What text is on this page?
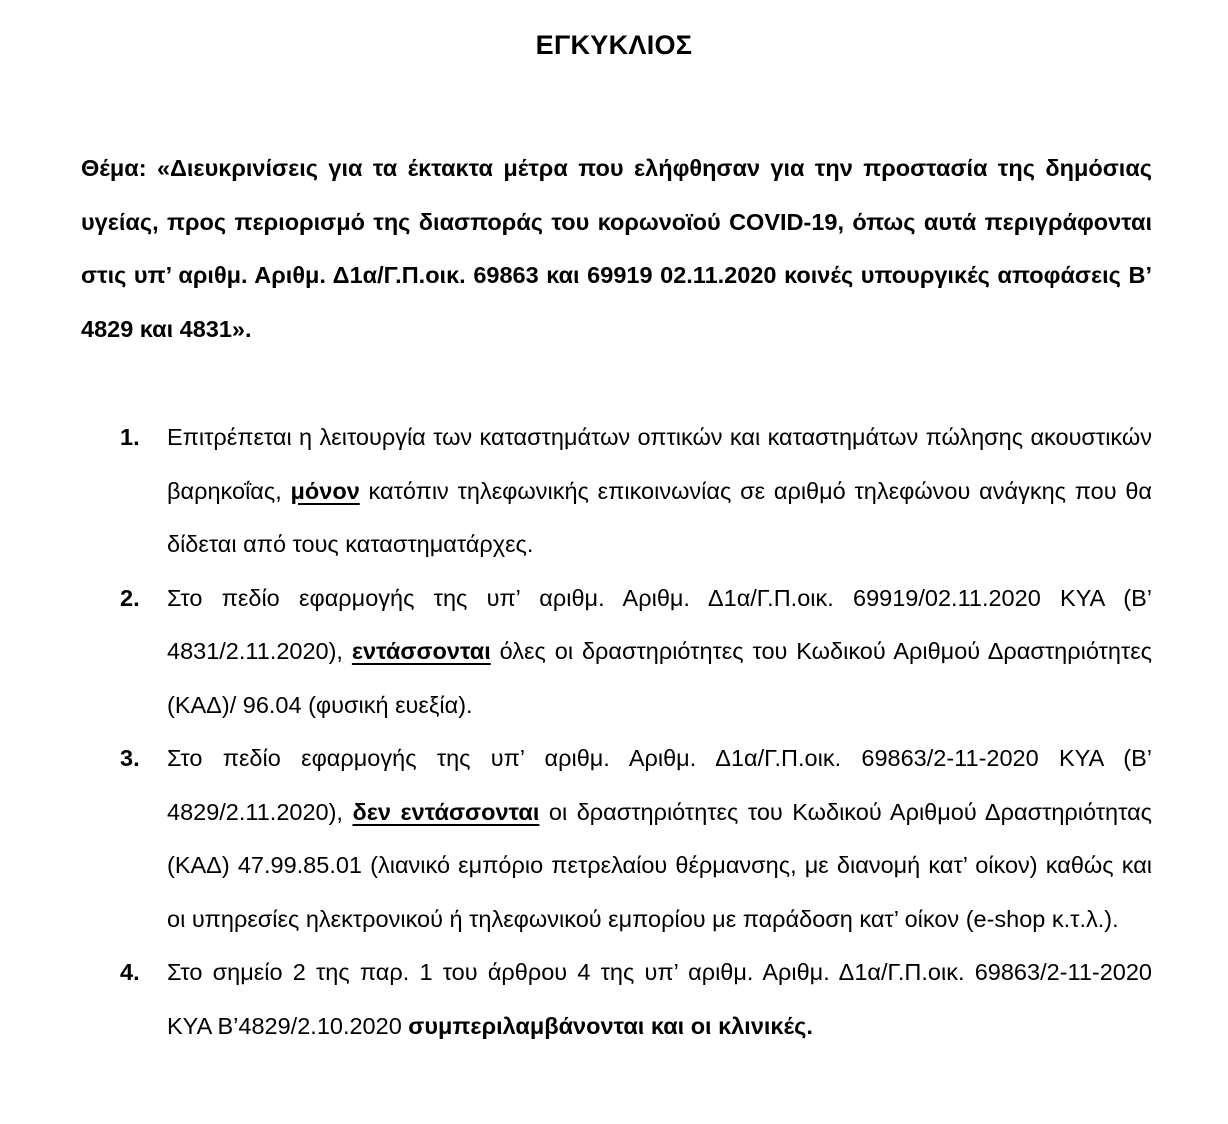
ΕΓΚΥΚΛΙΟΣ

Θέμα: «Διευκρινίσεις για τα έκτακτα μέτρα που ελήφθησαν για την προστασία της δημόσιας υγείας, προς περιορισμό της διασποράς του κορωνοϊού COVID-19, όπως αυτά περιγράφονται στις υπ’ αριθμ. Αριθμ. Δ1α/Γ.Π.οικ. 69863 και 69919 02.11.2020 κοινές υπουργικές αποφάσεις Β’ 4829 και 4831».

1. Επιτρέπεται η λειτουργία των καταστημάτων οπτικών και καταστημάτων πώλησης ακουστικών βαρηκοΐας, μόνον κατόπιν τηλεφωνικής επικοινωνίας σε αριθμό τηλεφώνου ανάγκης που θα δίδεται από τους καταστηματάρχες.
2. Στο πεδίο εφαρμογής της υπ’ αριθμ. Αριθμ. Δ1α/Γ.Π.οικ. 69919/02.11.2020 ΚΥΑ (Β’ 4831/2.11.2020), εντάσσονται όλες οι δραστηριότητες του Κωδικού Αριθμού Δραστηριότητες (ΚΑΔ)/ 96.04 (φυσική ευεξία).
3. Στο πεδίο εφαρμογής της υπ’ αριθμ. Αριθμ. Δ1α/Γ.Π.οικ. 69863/2-11-2020 ΚΥΑ (Β’ 4829/2.11.2020), δεν εντάσσονται οι δραστηριότητες του Κωδικού Αριθμού Δραστηριότητας (ΚΑΔ) 47.99.85.01 (λιανικό εμπόριο πετρελαίου θέρμανσης, με διανομή κατ’ οίκον) καθώς και οι υπηρεσίες ηλεκτρονικού ή τηλεφωνικού εμπορίου με παράδοση κατ’ οίκον (e-shop κ.τ.λ.).
4. Στο σημείο 2 της παρ. 1 του άρθρου 4 της υπ’ αριθμ. Αριθμ. Δ1α/Γ.Π.οικ. 69863/2-11-2020 ΚΥΑ Β’4829/2.10.2020 συμπεριλαμβάνονται και οι κλινικές.
